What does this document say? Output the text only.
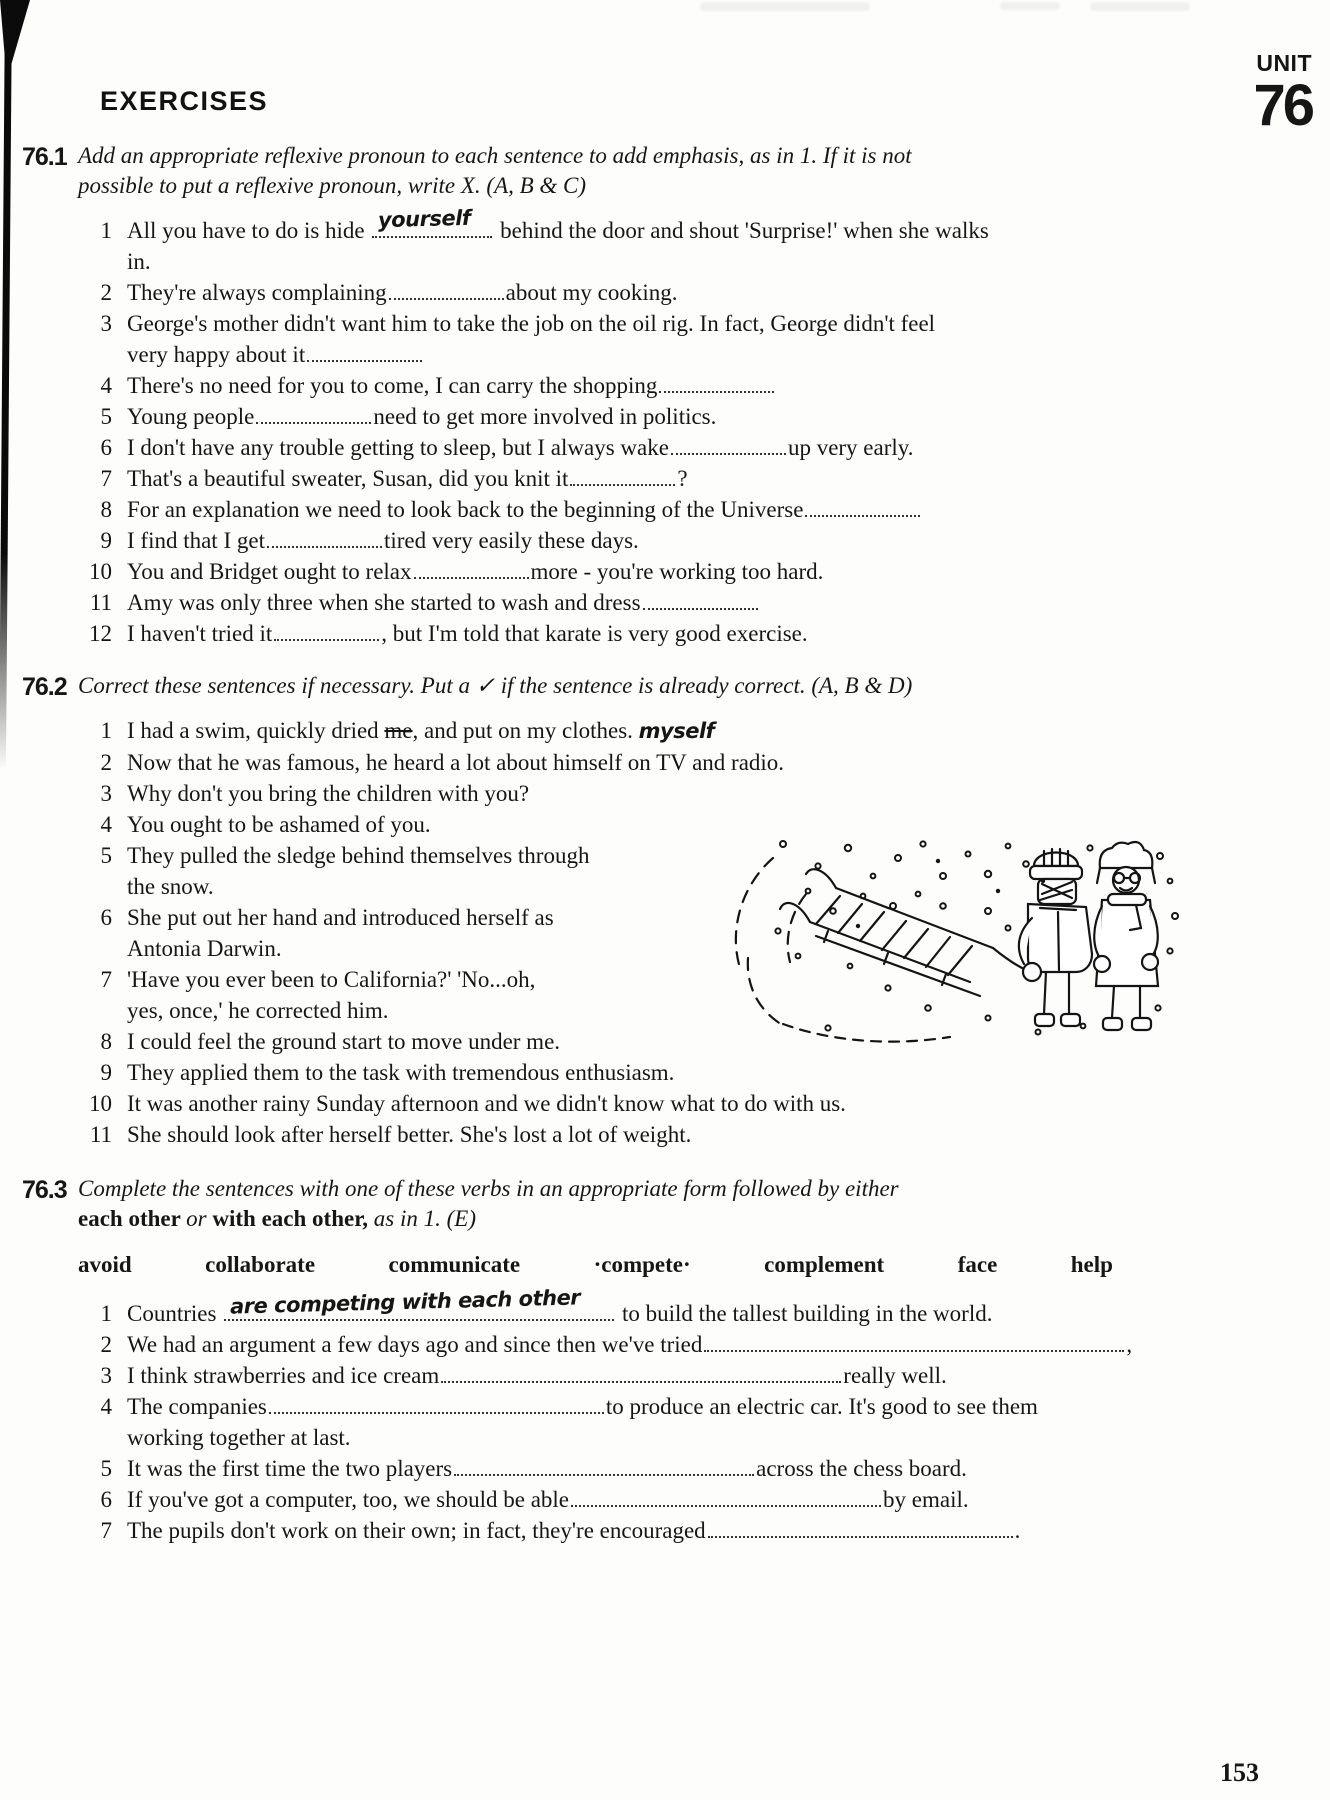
EXERCISES
UNIT
76
76.1 Add an appropriate reflexive pronoun to each sentence to add emphasis, as in 1. If it is not
possible to put a reflexive pronoun, write X. (A, B & C)

1 All you have to do is hide yourself behind the door and shout 'Surprise!' when she walks
in.
2 They're always complaining	about my cooking.
3 George's mother didn't want him to take the job on the oil rig. In fact, George didn't feel
very happy about it
4 There's no need for you to come, I can carry the shopping
5 Young people	need to get more involved in politics.
6 I don't have any trouble getting to sleep, but I always wake	up very early.
7 That's a beautiful sweater, Susan, did you knit it	?
8 For an explanation we need to look back to the beginning of the Universe
9 I find that I get	tired very easily these days.
10 You and Bridget ought to relax	more - you're working too hard.
11 Amy was only three when she started to wash and dress
12 I haven't tried it	, but I'm told that karate is very good exercise.
76.2 Correct these sentences if necessary. Put a ✓ if the sentence is already correct. (A, B & D)

1 I had a swim, quickly dried me, and put on my clothes. myself
2 Now that he was famous, he heard a lot about himself on TV and radio.
3 Why don't you bring the children with you?
4 You ought to be ashamed of you.
5 They pulled the sledge behind themselves through
the snow.
6 She put out her hand and introduced herself as
Antonia Darwin.
7 'Have you ever been to California?' 'No...oh,
yes, once,' he corrected him.
8 I could feel the ground start to move under me.
9 They applied them to the task with tremendous enthusiasm.
10 It was another rainy Sunday afternoon and we didn't know what to do with us.
11 She should look after herself better. She's lost a lot of weight.
76.3 Complete the sentences with one of these verbs in an appropriate form followed by either
each other or with each other, as in 1. (E)

avoid	collaborate	communicate	·compete·	complement	face	help
1 Countries are competing with each other to build the tallest building in the world.
2 We had an argument a few days ago and since then we've tried	,
3 I think strawberries and ice cream	really well.
4 The companies	to produce an electric car. It's good to see them
working together at last.
5 It was the first time the two players	across the chess board.
6 If you've got a computer, too, we should be able	by email.
7 The pupils don't work on their own; in fact, they're encouraged	.
153
